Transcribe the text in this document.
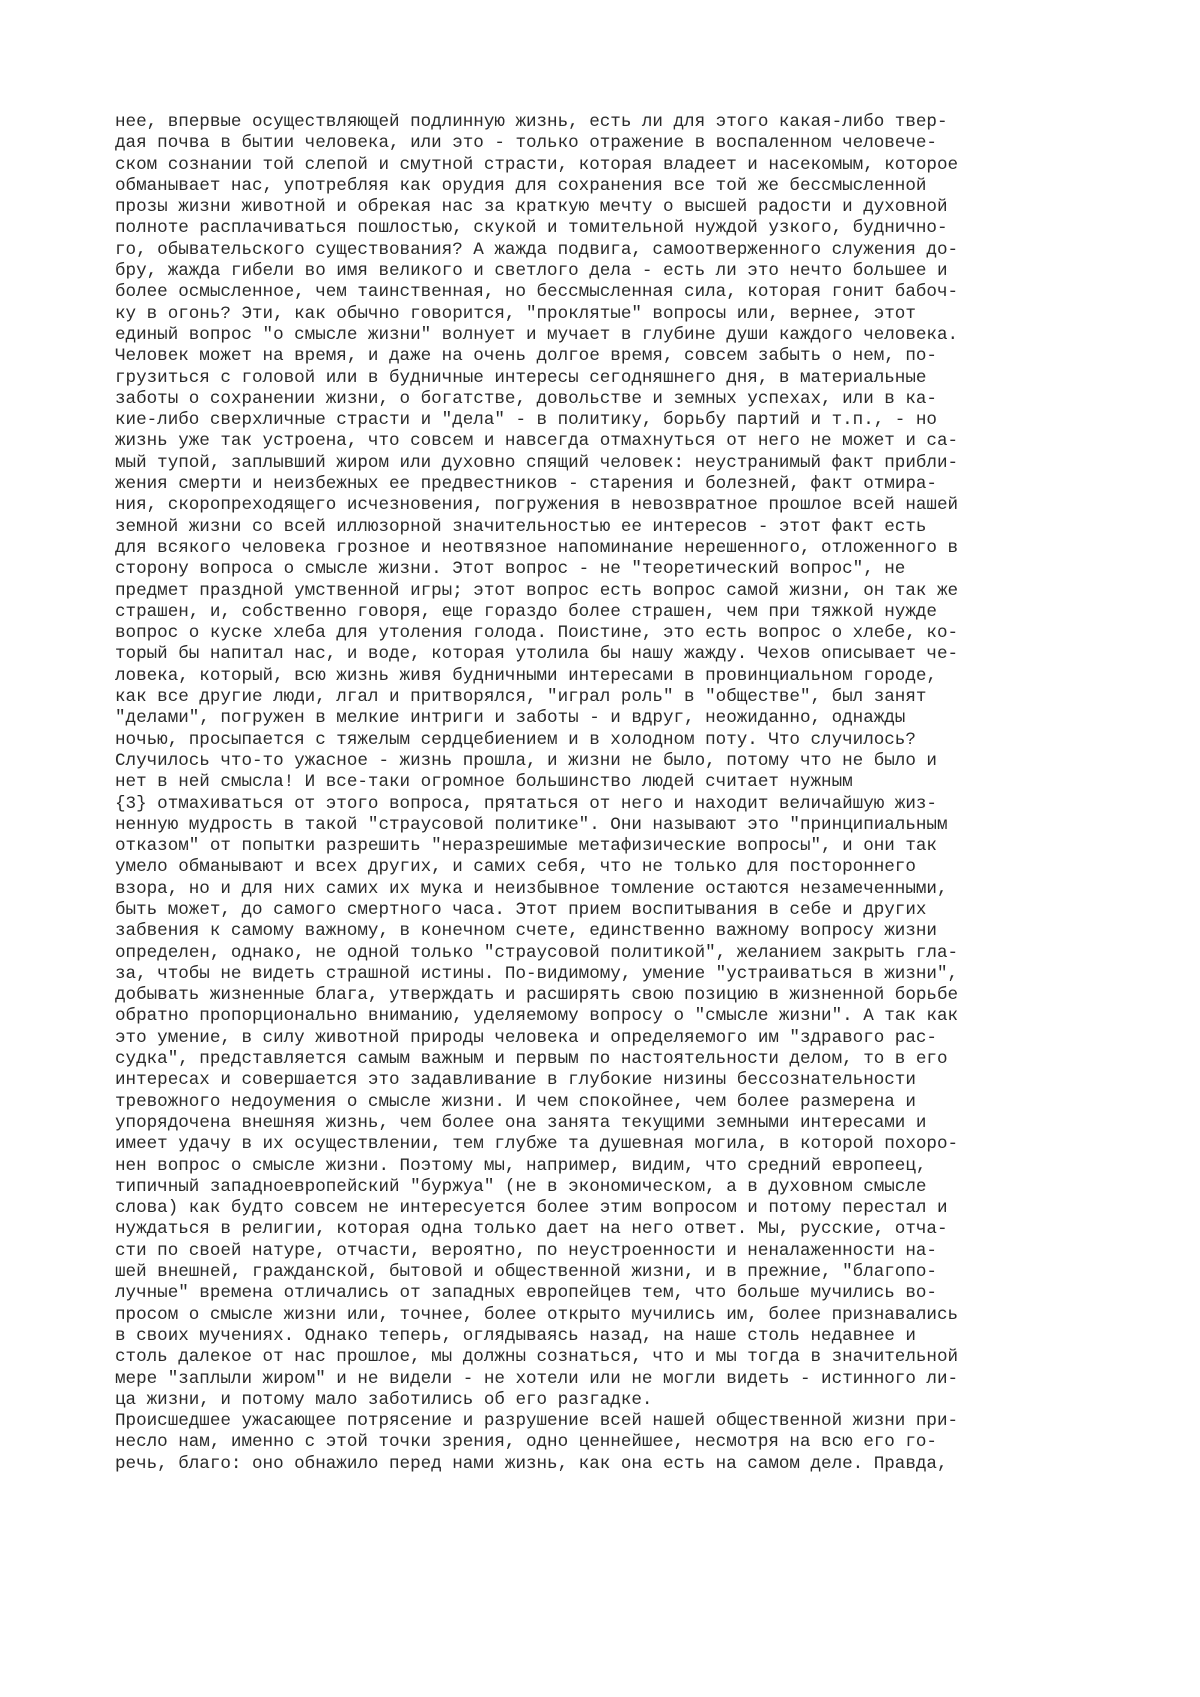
нее, впервые осуществляющей подлинную жизнь, есть ли для этого какая-либо твер-
дая почва в бытии человека, или это - только отражение в воспаленном человече-
ском сознании той слепой и смутной страсти, которая владеет и насекомым, которое
обманывает нас, употребляя как орудия для сохранения все той же бессмысленной
прозы жизни животной и обрекая нас за краткую мечту о высшей радости и духовной
полноте расплачиваться пошлостью, скукой и томительной нуждой узкого, буднично-
го, обывательского существования? А жажда подвига, самоотверженного служения до-
бру, жажда гибели во имя великого и светлого дела - есть ли это нечто большее и
более осмысленное, чем таинственная, но бессмысленная сила, которая гонит бабоч-
ку в огонь? Эти, как обычно говорится, "проклятые" вопросы или, вернее, этот
единый вопрос "о смысле жизни" волнует и мучает в глубине души каждого человека.
Человек может на время, и даже на очень долгое время, совсем забыть о нем, по-
грузиться с головой или в будничные интересы сегодняшнего дня, в материальные
заботы о сохранении жизни, о богатстве, довольстве и земных успехах, или в ка-
кие-либо сверхличные страсти и "дела" - в политику, борьбу партий и т.п., - но
жизнь уже так устроена, что совсем и навсегда отмахнуться от него не может и са-
мый тупой, заплывший жиром или духовно спящий человек: неустранимый факт прибли-
жения смерти и неизбежных ее предвестников - старения и болезней, факт отмира-
ния, скоропреходящего исчезновения, погружения в невозвратное прошлое всей нашей
земной жизни со всей иллюзорной значительностью ее интересов - этот факт есть
для всякого человека грозное и неотвязное напоминание нерешенного, отложенного в
сторону вопроса о смысле жизни. Этот вопрос - не "теоретический вопрос", не
предмет праздной умственной игры; этот вопрос есть вопрос самой жизни, он так же
страшен, и, собственно говоря, еще гораздо более страшен, чем при тяжкой нужде
вопрос о куске хлеба для утоления голода. Поистине, это есть вопрос о хлебе, ко-
торый бы напитал нас, и воде, которая утолила бы нашу жажду. Чехов описывает че-
ловека, который, всю жизнь живя будничными интересами в провинциальном городе,
как все другие люди, лгал и притворялся, "играл роль" в "обществе", был занят
"делами", погружен в мелкие интриги и заботы - и вдруг, неожиданно, однажды
ночью, просыпается с тяжелым сердцебиением и в холодном поту. Что случилось?
Случилось что-то ужасное - жизнь прошла, и жизни не было, потому что не было и
нет в ней смысла! И все-таки огромное большинство людей считает нужным
{3} отмахиваться от этого вопроса, прятаться от него и находит величайшую жиз-
ненную мудрость в такой "страусовой политике". Они называют это "принципиальным
отказом" от попытки разрешить "неразрешимые метафизические вопросы", и они так
умело обманывают и всех других, и самих себя, что не только для постороннего
взора, но и для них самих их мука и неизбывное томление остаются незамеченными,
быть может, до самого смертного часа. Этот прием воспитывания в себе и других
забвения к самому важному, в конечном счете, единственно важному вопросу жизни
определен, однако, не одной только "страусовой политикой", желанием закрыть гла-
за, чтобы не видеть страшной истины. По-видимому, умение "устраиваться в жизни",
добывать жизненные блага, утверждать и расширять свою позицию в жизненной борьбе
обратно пропорционально вниманию, уделяемому вопросу о "смысле жизни". А так как
это умение, в силу животной природы человека и определяемого им "здравого рас-
судка", представляется самым важным и первым по настоятельности делом, то в его
интересах и совершается это задавливание в глубокие низины бессознательности
тревожного недоумения о смысле жизни. И чем спокойнее, чем более размерена и
упорядочена внешняя жизнь, чем более она занята текущими земными интересами и
имеет удачу в их осуществлении, тем глубже та душевная могила, в которой похоро-
нен вопрос о смысле жизни. Поэтому мы, например, видим, что средний европеец,
типичный западноевропейский "буржуа" (не в экономическом, а в духовном смысле
слова) как будто совсем не интересуется более этим вопросом и потому перестал и
нуждаться в религии, которая одна только дает на него ответ. Мы, русские, отча-
сти по своей натуре, отчасти, вероятно, по неустроенности и неналаженности на-
шей внешней, гражданской, бытовой и общественной жизни, и в прежние, "благопо-
лучные" времена отличались от западных европейцев тем, что больше мучились во-
просом о смысле жизни или, точнее, более открыто мучились им, более признавались
в своих мучениях. Однако теперь, оглядываясь назад, на наше столь недавнее и
столь далекое от нас прошлое, мы должны сознаться, что и мы тогда в значительной
мере "заплыли жиром" и не видели - не хотели или не могли видеть - истинного ли-
ца жизни, и потому мало заботились об его разгадке.
Происшедшее ужасающее потрясение и разрушение всей нашей общественной жизни при-
несло нам, именно с этой точки зрения, одно ценнейшее, несмотря на всю его го-
речь, благо: оно обнажило перед нами жизнь, как она есть на самом деле. Правда,
